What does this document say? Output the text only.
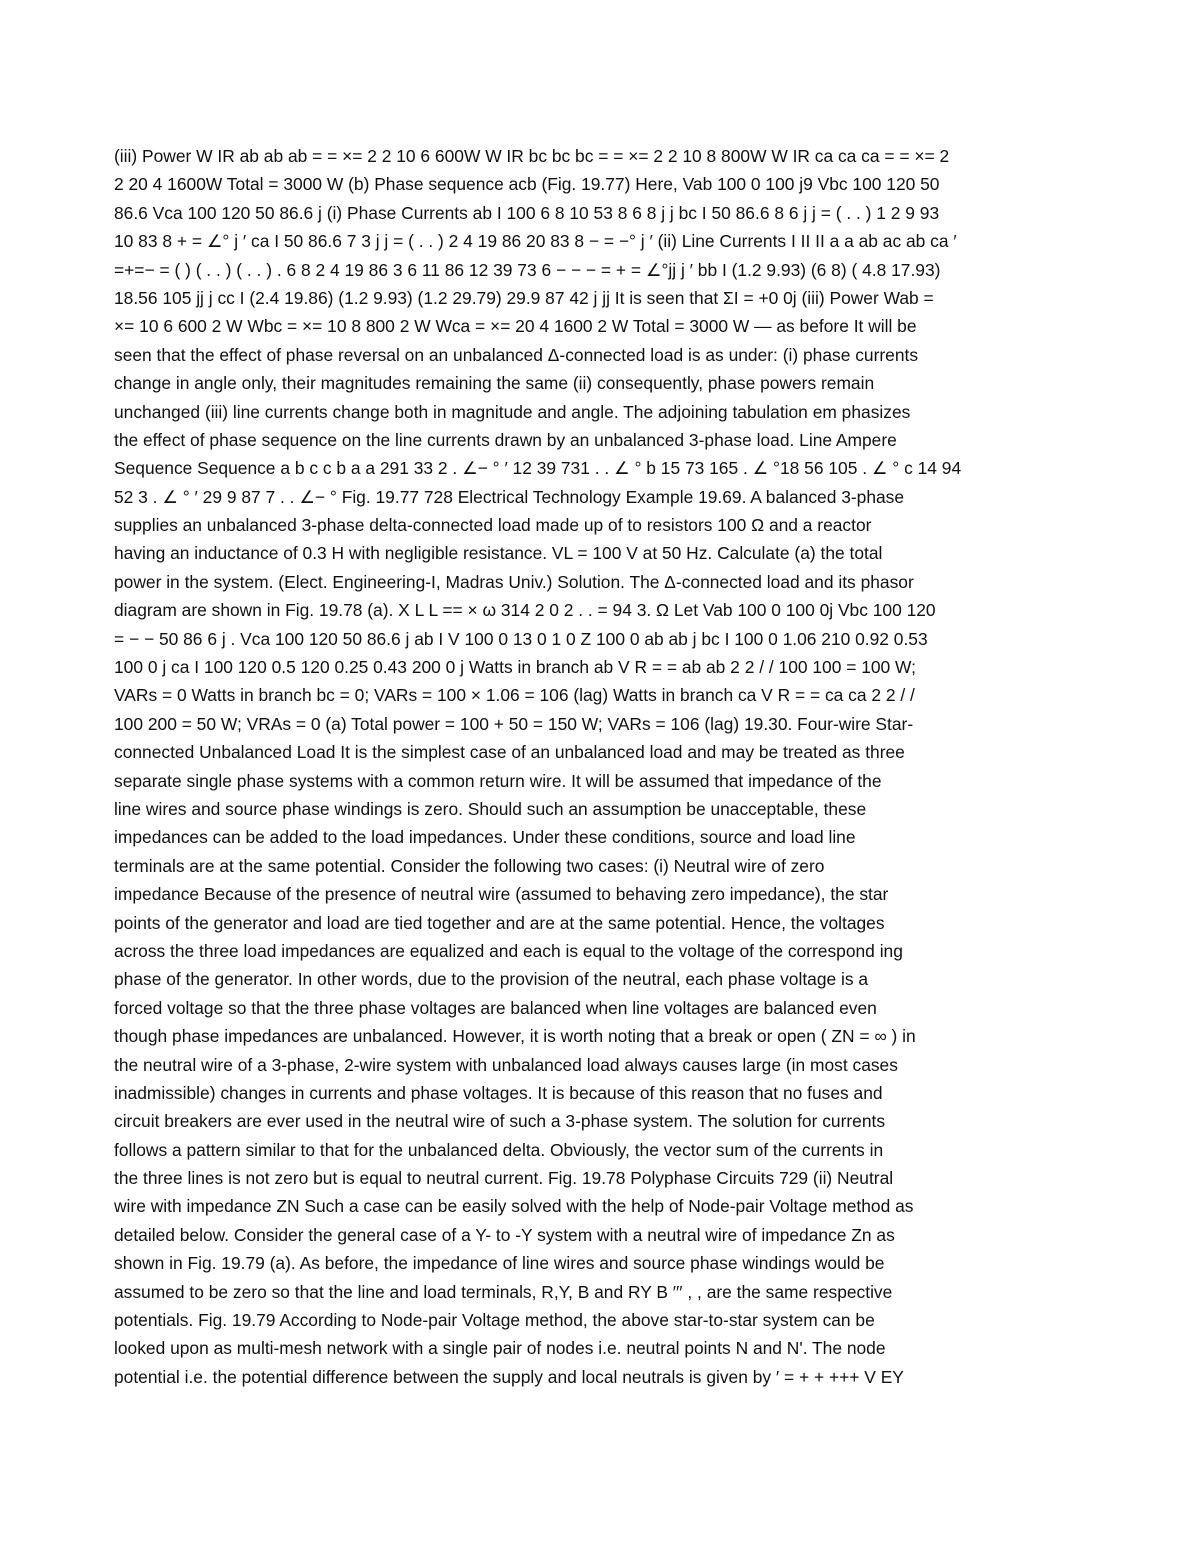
(iii) Power W IR ab ab ab = = ×= 2 2 10 6 600W W IR bc bc bc = = ×= 2 2 10 8 800W W IR ca ca ca = = ×= 2
2 20 4 1600W Total = 3000 W (b) Phase sequence acb (Fig. 19.77) Here, Vab 100 0 100 j9 Vbc 100 120 50
86.6 Vca 100 120 50 86.6 j (i) Phase Currents ab I 100 6 8 10 53 8 6 8 j j bc I 50 86.6 8 6 j j = ( . . ) 1 2 9 93
10 83 8 + = ∠° j ′ ca I 50 86.6 7 3 j j = ( . . ) 2 4 19 86 20 83 8 − = −° j ′ (ii) Line Currents I II II a a ab ac ab ca ′
=+=− = ( ) ( . . ) ( . . ) . 6 8 2 4 19 86 3 6 11 86 12 39 73 6 − − − = + = ∠°jj j ′ bb I (1.2 9.93) (6 8) ( 4.8 17.93)
18.56 105 jj j cc I (2.4 19.86) (1.2 9.93) (1.2 29.79) 29.9 87 42 j jj It is seen that ΣI = +0 0j (iii) Power Wab =
×= 10 6 600 2 W Wbc = ×= 10 8 800 2 W Wca = ×= 20 4 1600 2 W Total = 3000 W — as before It will be
seen that the effect of phase reversal on an unbalanced Δ-connected load is as under: (i) phase currents
change in angle only, their magnitudes remaining the same (ii) consequently, phase powers remain
unchanged (iii) line currents change both in magnitude and angle. The adjoining tabulation em phasizes
the effect of phase sequence on the line currents drawn by an unbalanced 3-phase load. Line Ampere
Sequence Sequence a b c c b a a 291 33 2 . ∠− ° ′ 12 39 731 . . ∠ ° b 15 73 165 . ∠ °18 56 105 . ∠ ° c 14 94
52 3 . ∠ ° ′ 29 9 87 7 . . ∠− ° Fig. 19.77 728 Electrical Technology Example 19.69. A balanced 3-phase
supplies an unbalanced 3-phase delta-connected load made up of to resistors 100 Ω and a reactor
having an inductance of 0.3 H with negligible resistance. VL = 100 V at 50 Hz. Calculate (a) the total
power in the system. (Elect. Engineering-I, Madras Univ.) Solution. The Δ-connected load and its phasor
diagram are shown in Fig. 19.78 (a). X L L == × ω 314 2 0 2 . . = 94 3. Ω Let Vab 100 0 100 0j Vbc 100 120
= − − 50 86 6 j . Vca 100 120 50 86.6 j ab I V 100 0 13 0 1 0 Z 100 0 ab ab j bc I 100 0 1.06 210 0.92 0.53
100 0 j ca I 100 120 0.5 120 0.25 0.43 200 0 j Watts in branch ab V R = = ab ab 2 2 / / 100 100 = 100 W;
VARs = 0 Watts in branch bc = 0; VARs = 100 × 1.06 = 106 (lag) Watts in branch ca V R = = ca ca 2 2 / /
100 200 = 50 W; VRAs = 0 (a) Total power = 100 + 50 = 150 W; VARs = 106 (lag) 19.30. Four-wire Star-
connected Unbalanced Load It is the simplest case of an unbalanced load and may be treated as three
separate single phase systems with a common return wire. It will be assumed that impedance of the
line wires and source phase windings is zero. Should such an assumption be unacceptable, these
impedances can be added to the load impedances. Under these conditions, source and load line
terminals are at the same potential. Consider the following two cases: (i) Neutral wire of zero
impedance Because of the presence of neutral wire (assumed to behaving zero impedance), the star
points of the generator and load are tied together and are at the same potential. Hence, the voltages
across the three load impedances are equalized and each is equal to the voltage of the correspond ing
phase of the generator. In other words, due to the provision of the neutral, each phase voltage is a
forced voltage so that the three phase voltages are balanced when line voltages are balanced even
though phase impedances are unbalanced. However, it is worth noting that a break or open ( ZN = ∞ ) in
the neutral wire of a 3-phase, 2-wire system with unbalanced load always causes large (in most cases
inadmissible) changes in currents and phase voltages. It is because of this reason that no fuses and
circuit breakers are ever used in the neutral wire of such a 3-phase system. The solution for currents
follows a pattern similar to that for the unbalanced delta. Obviously, the vector sum of the currents in
the three lines is not zero but is equal to neutral current. Fig. 19.78 Polyphase Circuits 729 (ii) Neutral
wire with impedance ZN Such a case can be easily solved with the help of Node-pair Voltage method as
detailed below. Consider the general case of a Y- to -Y system with a neutral wire of impedance Zn as
shown in Fig. 19.79 (a). As before, the impedance of line wires and source phase windings would be
assumed to be zero so that the line and load terminals, R,Y, B and RY B ′′′ , , are the same respective
potentials. Fig. 19.79 According to Node-pair Voltage method, the above star-to-star system can be
looked upon as multi-mesh network with a single pair of nodes i.e. neutral points N and N'. The node
potential i.e. the potential difference between the supply and local neutrals is given by ′ = + + +++ V EY
